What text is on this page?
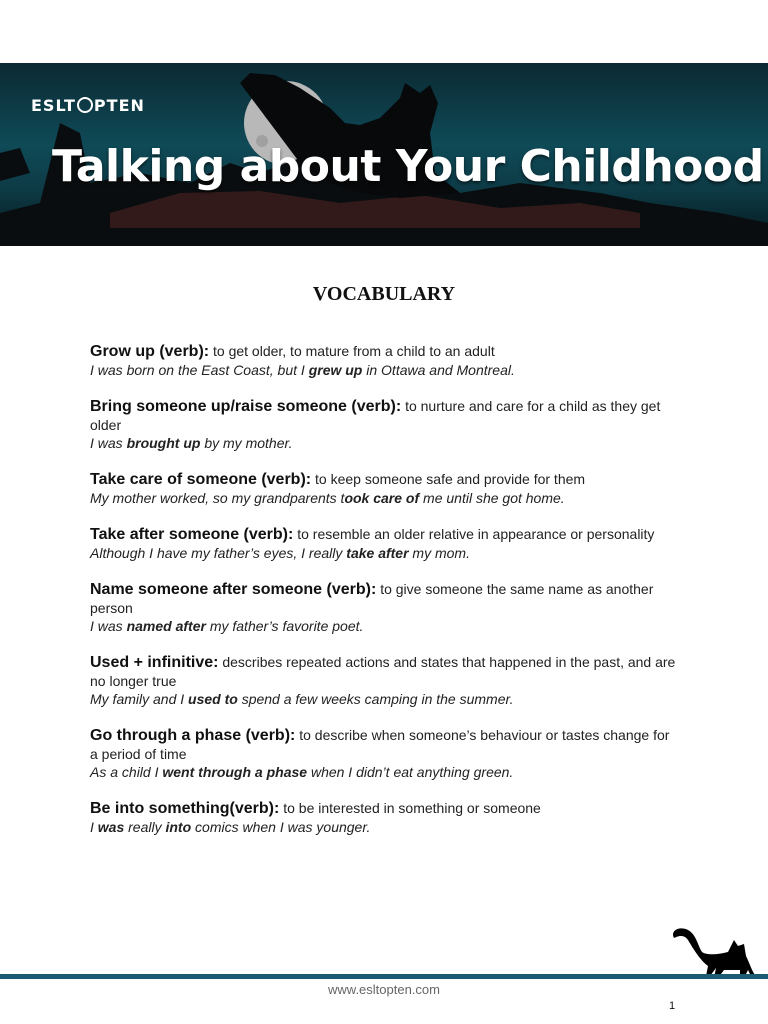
ESLT PTEN
Talking about Your Childhood
VOCABULARY
Grow up (verb): to get older, to mature from a child to an adult
I was born on the East Coast, but I grew up in Ottawa and Montreal.
Bring someone up/raise someone (verb): to nurture and care for a child as they get older
I was brought up by my mother.
Take care of someone (verb): to keep someone safe and provide for them
My mother worked, so my grandparents took care of me until she got home.
Take after someone (verb): to resemble an older relative in appearance or personality
Although I have my father’s eyes, I really take after my mom.
Name someone after someone (verb): to give someone the same name as another person
I was named after my father’s favorite poet.
Used + infinitive: describes repeated actions and states that happened in the past, and are no longer true
My family and I used to spend a few weeks camping in the summer.
Go through a phase (verb): to describe when someone’s behaviour or tastes change for a period of time
As a child I went through a phase when I didn’t eat anything green.
Be into something(verb): to be interested in something or someone
I was really into comics when I was younger.
www.esltopten.com
1
